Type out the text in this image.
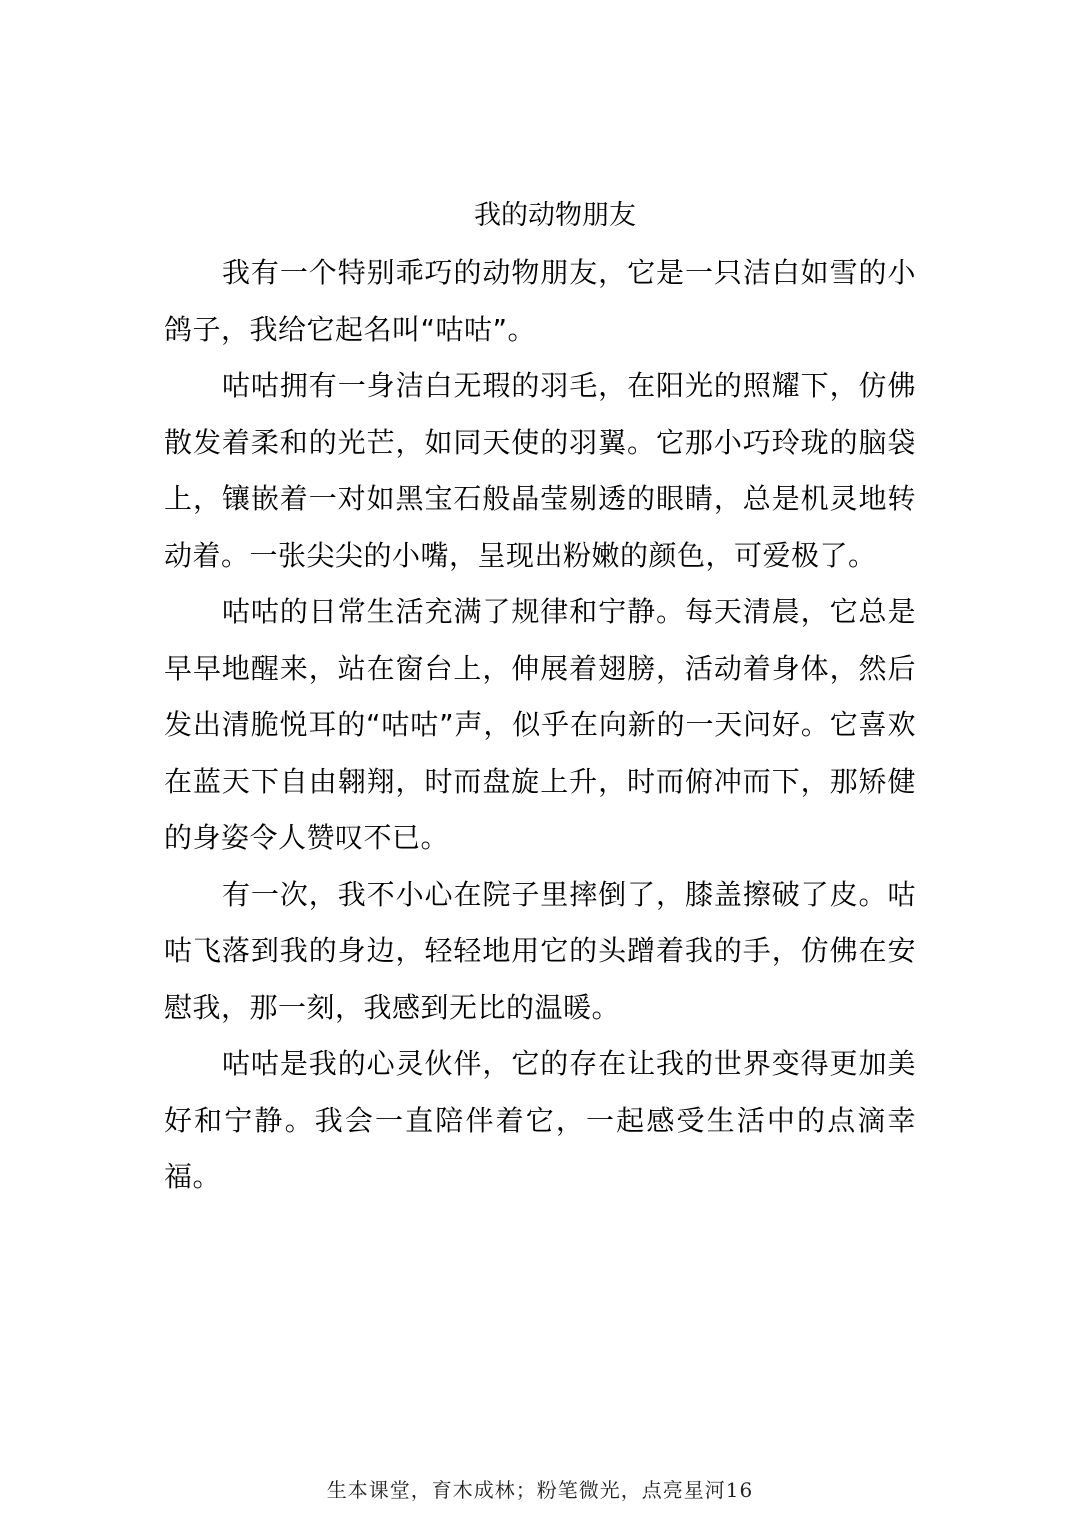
我的动物朋友

我有一个特别乖巧的动物朋友，它是一只洁白如雪的小鸽子，我给它起名叫“咕咕”。

咕咕拥有一身洁白无瑕的羽毛，在阳光的照耀下，仿佛散发着柔和的光芒，如同天使的羽翼。它那小巧玲珑的脑袋上，镶嵌着一对如黑宝石般晶莹剔透的眼睛，总是机灵地转动着。一张尖尖的小嘴，呈现出粉嫩的颜色，可爱极了。

咕咕的日常生活充满了规律和宁静。每天清晨，它总是早早地醒来，站在窗台上，伸展着翅膀，活动着身体，然后发出清脆悦耳的“咕咕”声，似乎在向新的一天问好。它喜欢在蓝天下自由翱翔，时而盘旋上升，时而俯冲而下，那矫健的身姿令人赞叹不已。

有一次，我不小心在院子里摔倒了，膝盖擦破了皮。咕咕飞落到我的身边，轻轻地用它的头蹭着我的手，仿佛在安慰我，那一刻，我感到无比的温暖。

咕咕是我的心灵伙伴，它的存在让我的世界变得更加美好和宁静。我会一直陪伴着它，一起感受生活中的点滴幸福。

生本课堂，育木成林；粉笔微光，点亮星河16
